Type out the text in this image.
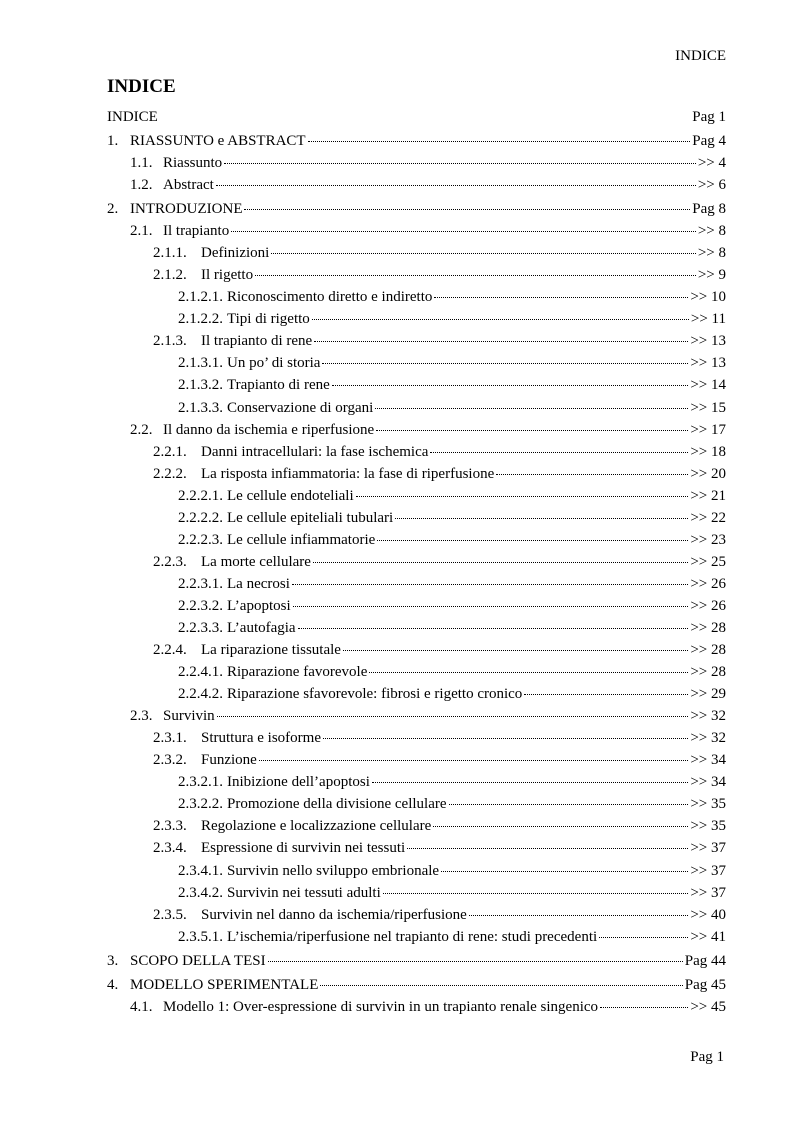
INDICE
INDICE
INDICE	Pag 1
1. RIASSUNTO e ABSTRACT	Pag 4
1.1. Riassunto	>> 4
1.2. Abstract	>> 6
2. INTRODUZIONE	Pag 8
2.1. Il trapianto	>> 8
2.1.1. Definizioni	>> 8
2.1.2. Il rigetto	>> 9
2.1.2.1. Riconoscimento diretto e indiretto	>> 10
2.1.2.2. Tipi di rigetto	>> 11
2.1.3. Il trapianto di rene	>> 13
2.1.3.1. Un po’ di storia	>> 13
2.1.3.2. Trapianto di rene	>> 14
2.1.3.3. Conservazione di organi	>> 15
2.2. Il danno da ischemia e riperfusione	>> 17
2.2.1. Danni intracellulari: la fase ischemica	>> 18
2.2.2. La risposta infiammatoria: la fase di riperfusione	>> 20
2.2.2.1. Le cellule endoteliali	>> 21
2.2.2.2. Le cellule epiteliali tubulari	>> 22
2.2.2.3. Le cellule infiammatorie	>> 23
2.2.3. La morte cellulare	>> 25
2.2.3.1. La necrosi	>> 26
2.2.3.2. L’apoptosi	>> 26
2.2.3.3. L’autofagia	>> 28
2.2.4. La riparazione tissutale	>> 28
2.2.4.1. Riparazione favorevole	>> 28
2.2.4.2. Riparazione sfavorevole: fibrosi e rigetto cronico	>> 29
2.3. Survivin	>> 32
2.3.1. Struttura e isoforme	>> 32
2.3.2. Funzione	>> 34
2.3.2.1. Inibizione dell’apoptosi	>> 34
2.3.2.2. Promozione della divisione cellulare	>> 35
2.3.3. Regolazione e localizzazione cellulare	>> 35
2.3.4. Espressione di survivin nei tessuti	>> 37
2.3.4.1. Survivin nello sviluppo embrionale	>> 37
2.3.4.2. Survivin nei tessuti adulti	>> 37
2.3.5. Survivin nel danno da ischemia/riperfusione	>> 40
2.3.5.1. L’ischemia/riperfusione nel trapianto di rene: studi precedenti	>> 41
3. SCOPO DELLA TESI	Pag 44
4. MODELLO SPERIMENTALE	Pag 45
4.1. Modello 1: Over-espressione di survivin in un trapianto renale singenico	>> 45
Pag 1
